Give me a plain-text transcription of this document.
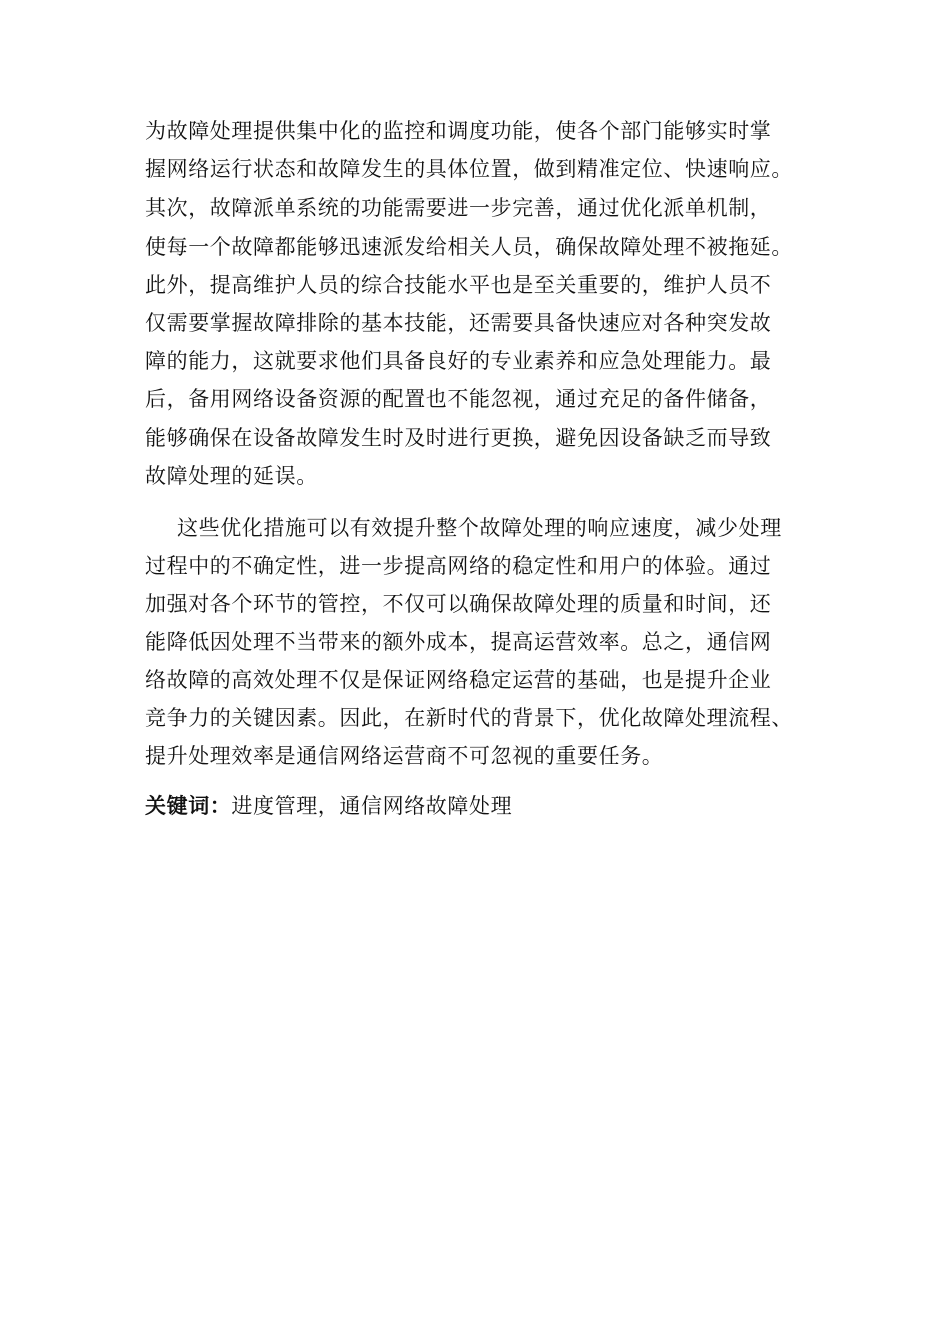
为故障处理提供集中化的监控和调度功能，使各个部门能够实时掌
握网络运行状态和故障发生的具体位置，做到精准定位、快速响应。
其次，故障派单系统的功能需要进一步完善，通过优化派单机制，
使每一个故障都能够迅速派发给相关人员，确保故障处理不被拖延。
此外，提高维护人员的综合技能水平也是至关重要的，维护人员不
仅需要掌握故障排除的基本技能，还需要具备快速应对各种突发故
障的能力，这就要求他们具备良好的专业素养和应急处理能力。最
后，备用网络设备资源的配置也不能忽视，通过充足的备件储备，
能够确保在设备故障发生时及时进行更换，避免因设备缺乏而导致
故障处理的延误。
这些优化措施可以有效提升整个故障处理的响应速度，减少处理
过程中的不确定性，进一步提高网络的稳定性和用户的体验。通过
加强对各个环节的管控，不仅可以确保故障处理的质量和时间，还
能降低因处理不当带来的额外成本，提高运营效率。总之，通信网
络故障的高效处理不仅是保证网络稳定运营的基础，也是提升企业
竞争力的关键因素。因此，在新时代的背景下，优化故障处理流程、
提升处理效率是通信网络运营商不可忽视的重要任务。
关键词：进度管理，通信网络故障处理
